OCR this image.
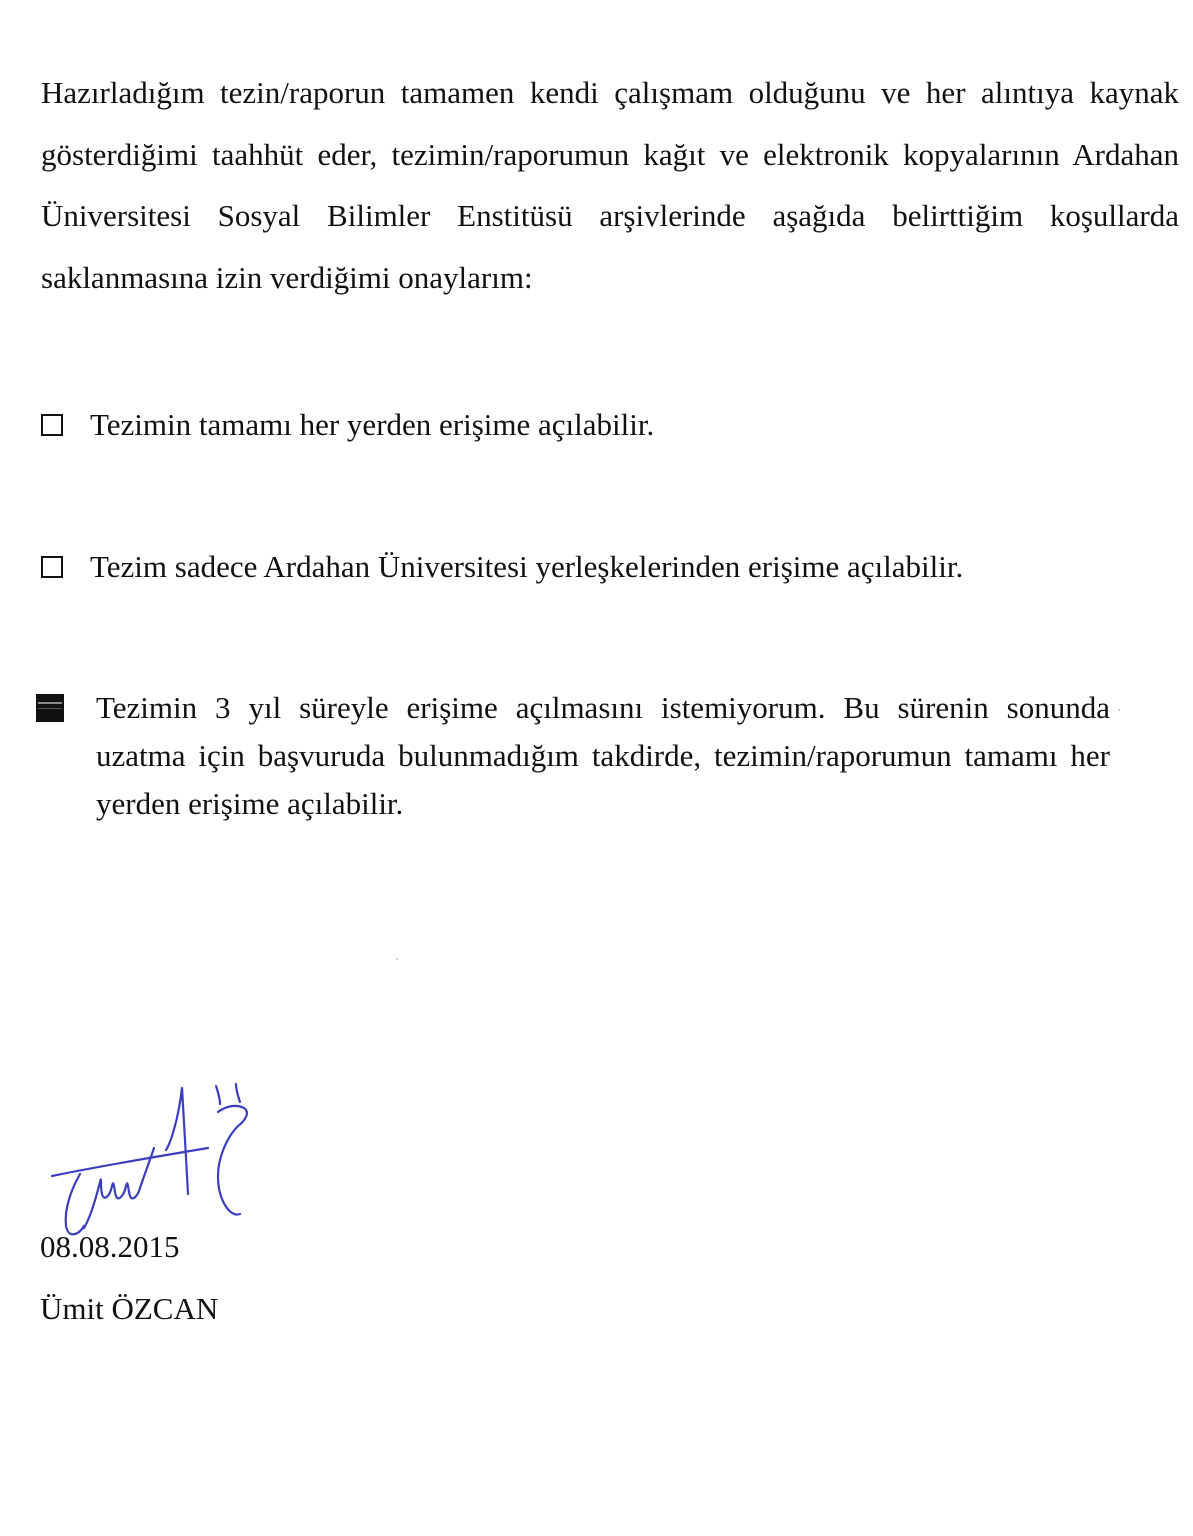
Hazırladığım tezin/raporun tamamen kendi çalışmam olduğunu ve her alıntıya kaynak gösterdiğimi taahhüt eder, tezimin/raporumun kağıt ve elektronik kopyalarının Ardahan Üniversitesi Sosyal Bilimler Enstitüsü arşivlerinde aşağıda belirttiğim koşullarda saklanmasına izin verdiğimi onaylarım:

Tezimin tamamı her yerden erişime açılabilir.
Tezim sadece Ardahan Üniversitesi yerleşkelerinden erişime açılabilir.
Tezimin 3 yıl süreyle erişime açılmasını istemiyorum. Bu sürenin sonunda uzatma için başvuruda bulunmadığım takdirde, tezimin/raporumun tamamı her yerden erişime açılabilir.
08.08.2015
Ümit ÖZCAN
